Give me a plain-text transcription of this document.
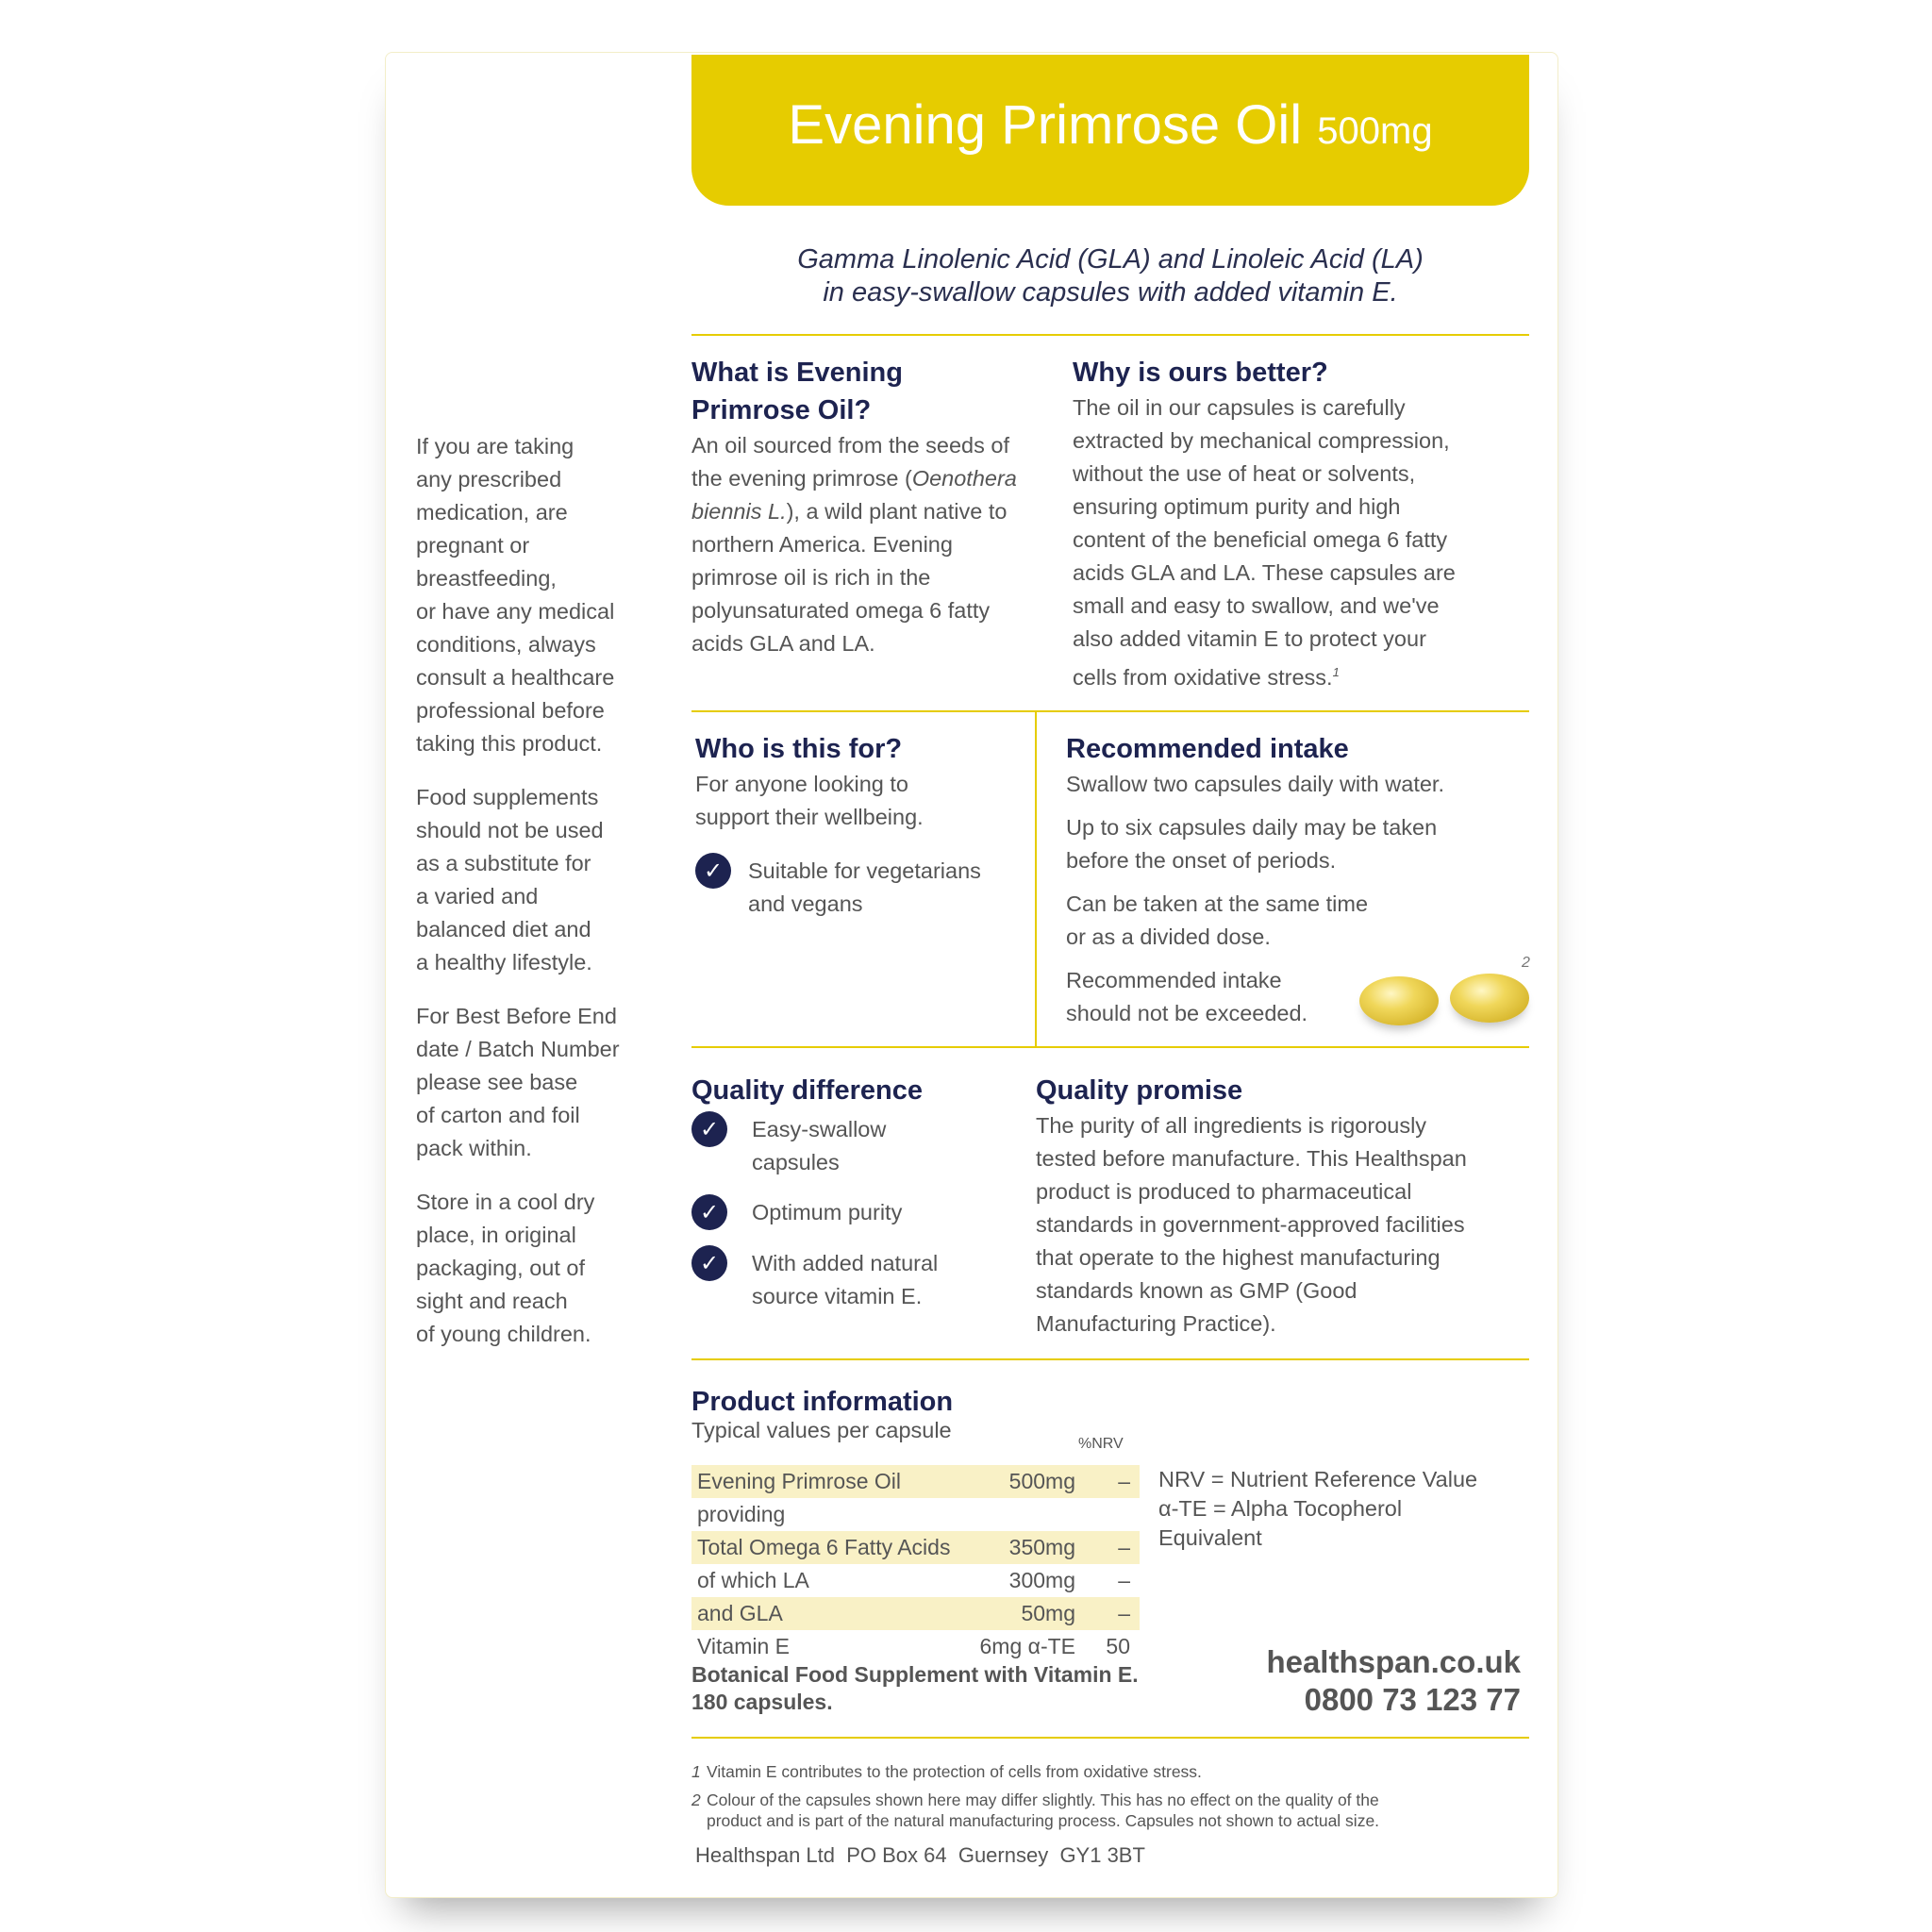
Evening Primrose Oil 500mg
Gamma Linolenic Acid (GLA) and Linoleic Acid (LA)
in easy-swallow capsules with added vitamin E.

If you are taking
any prescribed
medication, are
pregnant or
breastfeeding,
or have any medical
conditions, always
consult a healthcare
professional before
taking this product.

Food supplements
should not be used
as a substitute for
a varied and
balanced diet and
a healthy lifestyle.

For Best Before End
date / Batch Number
please see base
of carton and foil
pack within.

Store in a cool dry
place, in original
packaging, out of
sight and reach
of young children.

What is Evening
Primrose Oil?
An oil sourced from the seeds of
the evening primrose (Oenothera
biennis L.), a wild plant native to
northern America. Evening
primrose oil is rich in the
polyunsaturated omega 6 fatty
acids GLA and LA.
Why is ours better?
The oil in our capsules is carefully
extracted by mechanical compression,
without the use of heat or solvents,
ensuring optimum purity and high
content of the beneficial omega 6 fatty
acids GLA and LA. These capsules are
small and easy to swallow, and we've
also added vitamin E to protect your
cells from oxidative stress.$^1$
Who is this for?
For anyone looking to
support their wellbeing.
✓	Suitable for vegetarians
and vegans
Recommended intake
Swallow two capsules daily with water.
Up to six capsules daily may be taken
before the onset of periods.
Can be taken at the same time
or as a divided dose.
Recommended intake
should not be exceeded.
2
Quality difference
✓	Easy-swallow
capsules
✓	Optimum purity
✓	With added natural
source vitamin E.
Quality promise
The purity of all ingredients is rigorously
tested before manufacture. This Healthspan
product is produced to pharmaceutical
standards in government-approved facilities
that operate to the highest manufacturing
standards known as GMP (Good
Manufacturing Practice).
Product information
Typical values per capsule
%NRV
Evening Primrose Oil	500mg	–
providing
Total Omega 6 Fatty Acids	350mg	–
of which LA	300mg	–
and GLA	50mg	–
Vitamin E	6mg α-TE	50
NRV = Nutrient Reference Value
α-TE = Alpha Tocopherol
Equivalent
Botanical Food Supplement with Vitamin E.
180 capsules.
healthspan.co.uk
0800 73 123 77
1 Vitamin E contributes to the protection of cells from oxidative stress.
2 Colour of the capsules shown here may differ slightly. This has no effect on the quality of the
product and is part of the natural manufacturing process. Capsules not shown to actual size.
Healthspan Ltd  PO Box 64  Guernsey  GY1 3BT
